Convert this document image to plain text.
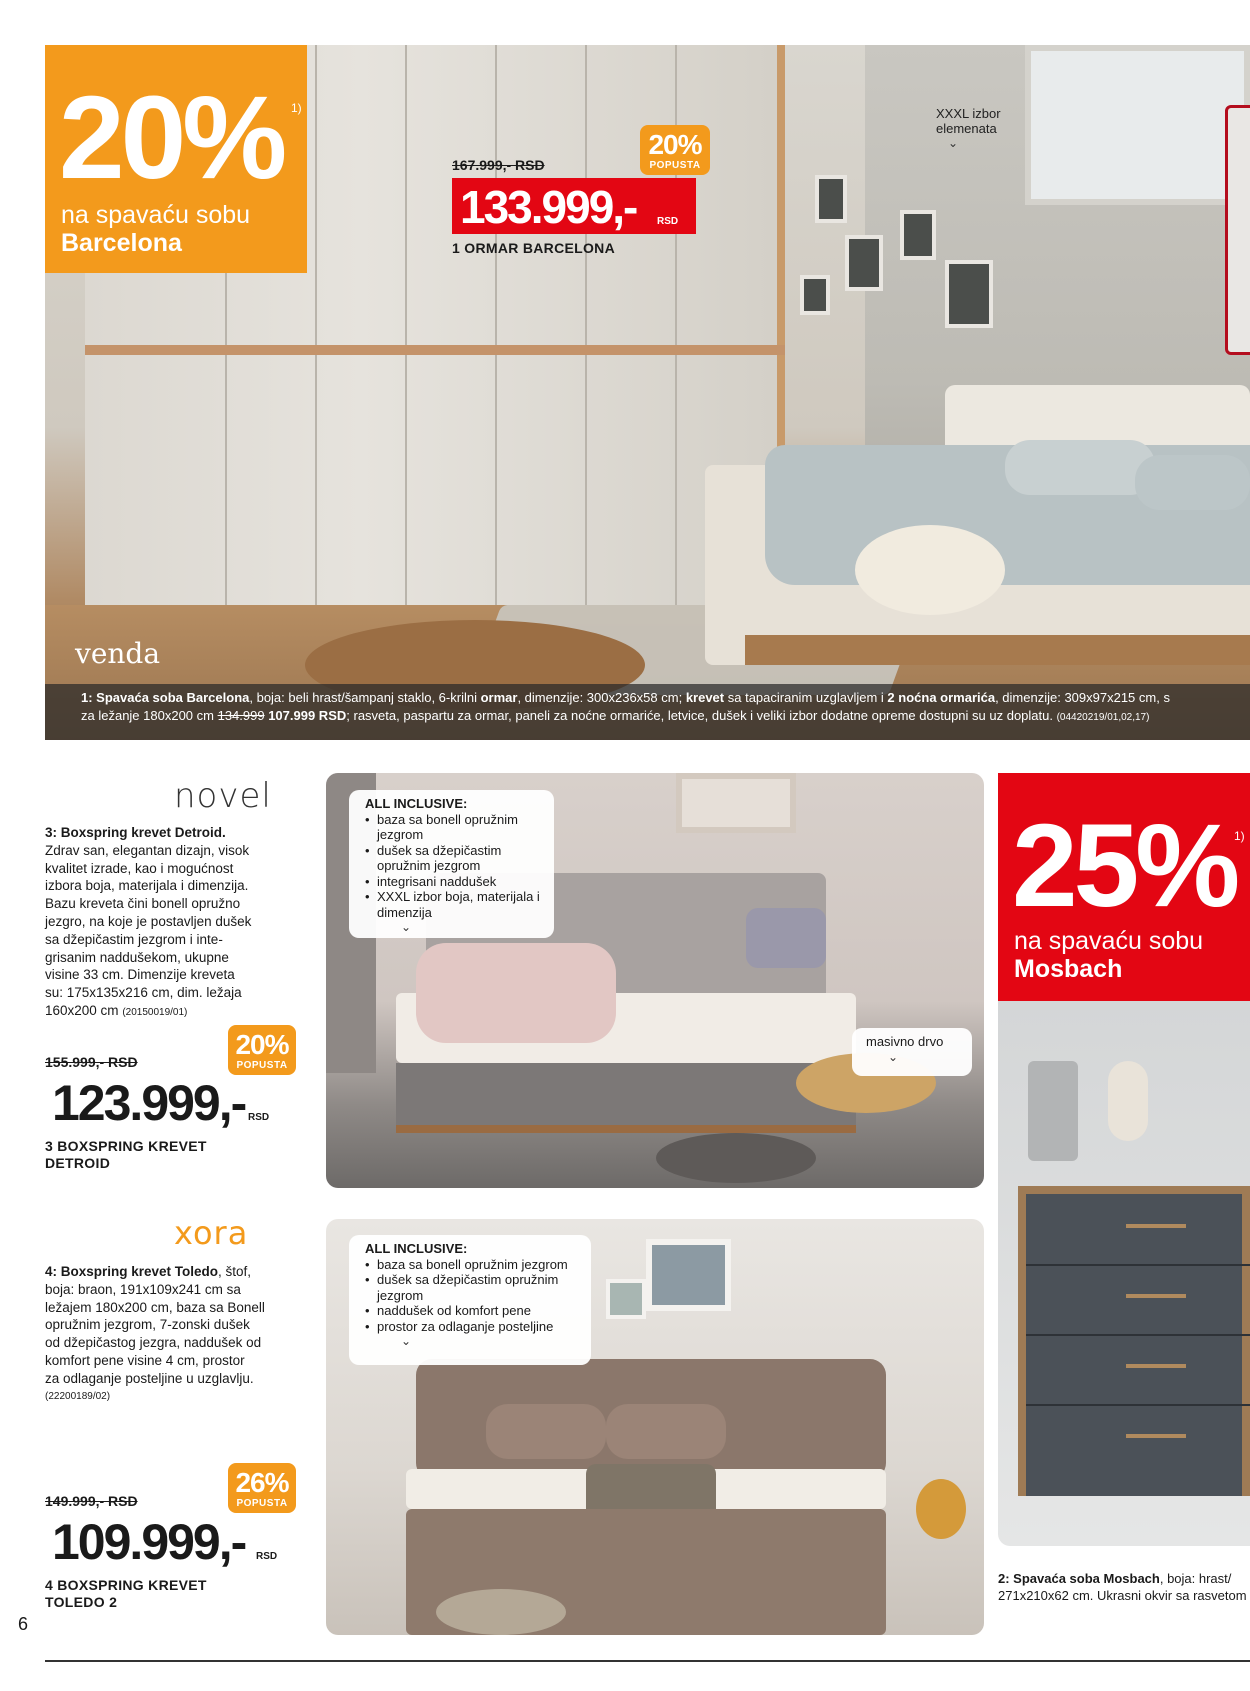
venda
20% 1)
na spavaću sobu
Barcelona
20%
POPUSTA
167.999,- RSD
133.999,- RSD
1 ORMAR BARCELONA
XXXL izbor
elemenata
⌄
1: Spavaća soba Barcelona, boja: beli hrast/šampanj staklo, 6-krilni ormar, dimenzije: 300x236x58 cm; krevet sa tapaciranim uzglavljem i 2 noćna ormarića, dimenzije: 309x97x215 cm, s
za ležanje 180x200 cm 134.999 107.999 RSD; rasveta, paspartu za ormar, paneli za noćne ormariće, letvice, dušek i veliki izbor dodatne opreme dostupni su uz doplatu. (04420219/01,02,17)
novel
3: Boxspring krevet Detroid.
Zdrav san, elegantan dizajn, visok
kvalitet izrade, kao i mogućnost
izbora boja, materijala i dimenzija.
Bazu kreveta čini bonell opružno
jezgro, na koje je postavljen dušek
sa džepičastim jezgrom i inte-
grisanim naddušekom, ukupne
visine 33 cm. Dimenzije kreveta
su: 175x135x216 cm, dim. ležaja
160x200 cm (20150019/01)
20%
POPUSTA
155.999,- RSD
123.999,- RSD
3 BOXSPRING KREVET
DETROID
ALL INCLUSIVE:
• baza sa bonell opružnim jezgrom
• dušek sa džepičastim opružnim jezgrom
• integrisani naddušek
• XXXL izbor boja, materijala i dimenzija
⌄
masivno drvo
⌄
xora
4: Boxspring krevet Toledo, štof,
boja: braon, 191x109x241 cm sa
ležajem 180x200 cm, baza sa Bonell
opružnim jezgrom, 7-zonski dušek
od džepičastog jezgra, naddušek od
komfort pene visine 4 cm, prostor
za odlaganje posteljine u uzglavlju.
(22200189/02)
26%
POPUSTA
149.999,- RSD
109.999,- RSD
4 BOXSPRING KREVET
TOLEDO 2
ALL INCLUSIVE:
• baza sa bonell opružnim jezgrom
• dušek sa džepičastim opružnim jezgrom
• naddušek od komfort pene
• prostor za odlaganje posteljine
⌄
25%
1)
na spavaću sobu
Mosbach
2: Spavaća soba Mosbach, boja: hrast/
271x210x62 cm. Ukrasni okvir sa rasvetom
6
